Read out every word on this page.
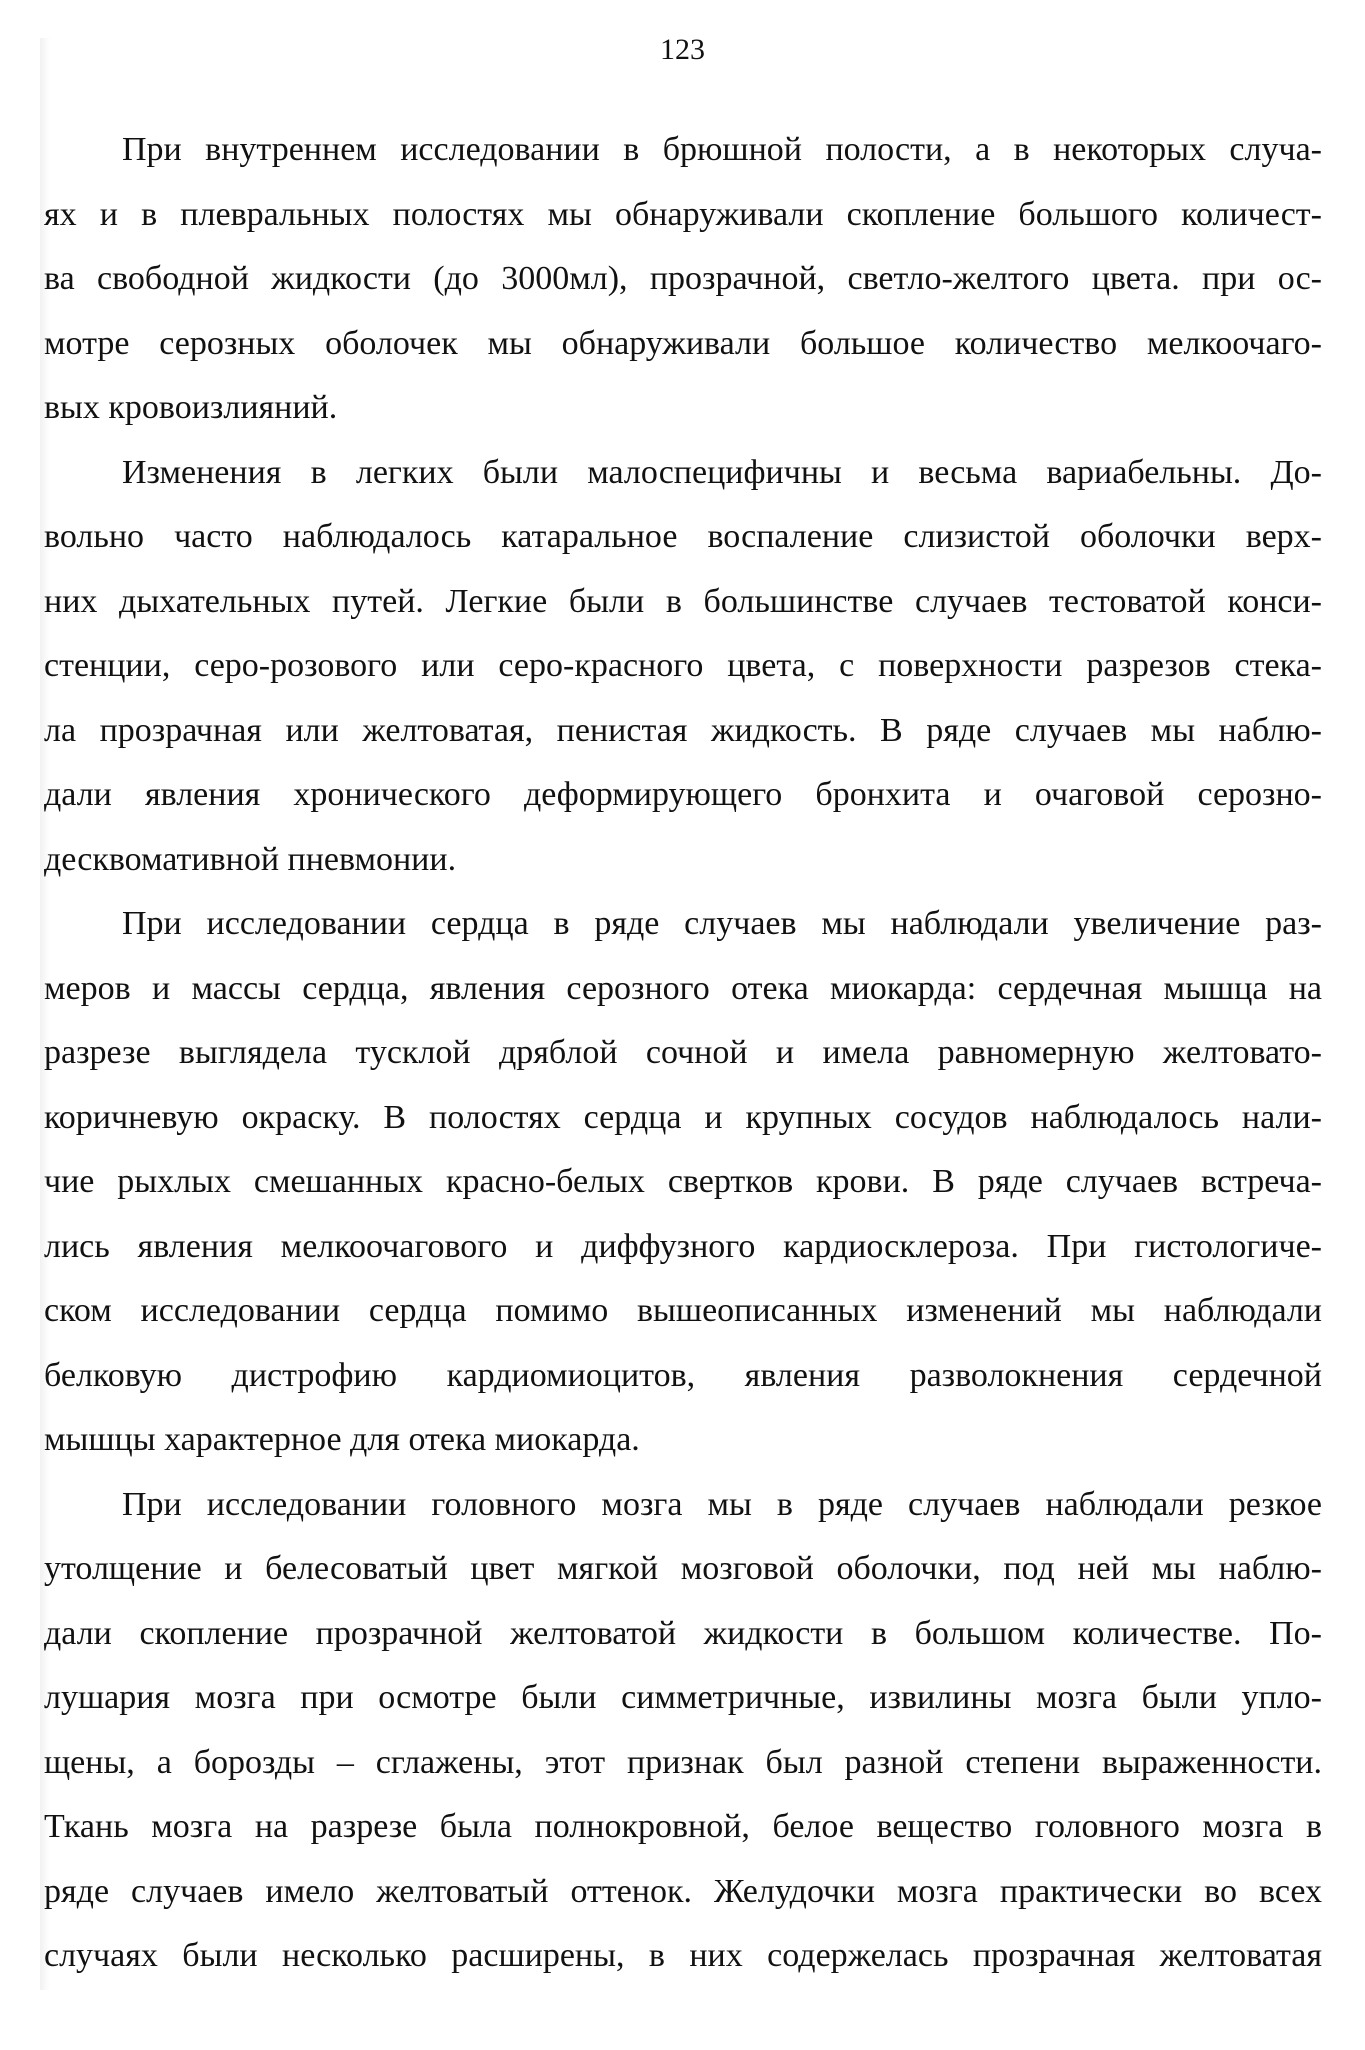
123

При внутреннем исследовании в брюшной полости, а в некоторых случа-
ях и в плевральных полостях мы обнаруживали скопление большого количест-
ва свободной жидкости (до 3000мл), прозрачной, светло-желтого цвета. при ос-
мотре серозных оболочек мы обнаруживали большое количество мелкоочаго-
вых кровоизлияний.

Изменения в легких были малоспецифичны и весьма вариабельны. До-
вольно часто наблюдалось катаральное воспаление слизистой оболочки верх-
них дыхательных путей. Легкие были в большинстве случаев тестоватой конси-
стенции, серо-розового или серо-красного цвета, с поверхности разрезов стека-
ла прозрачная или желтоватая, пенистая жидкость. В ряде случаев мы наблю-
дали явления хронического деформирующего бронхита и очаговой серозно-
десквомативной пневмонии.

При исследовании сердца в ряде случаев мы наблюдали увеличение раз-
меров и массы сердца, явления серозного отека миокарда: сердечная мышца на
разрезе выглядела тусклой дряблой сочной и имела равномерную желтовато-
коричневую окраску. В полостях сердца и крупных сосудов наблюдалось нали-
чие рыхлых смешанных красно-белых свертков крови. В ряде случаев встреча-
лись явления мелкоочагового и диффузного кардиосклероза. При гистологиче-
ском исследовании сердца помимо вышеописанных изменений мы наблюдали
белковую дистрофию кардиомиоцитов, явления разволокнения сердечной
мышцы характерное для отека миокарда.

При исследовании головного мозга мы в ряде случаев наблюдали резкое
утолщение и белесоватый цвет мягкой мозговой оболочки, под ней мы наблю-
дали скопление прозрачной желтоватой жидкости в большом количестве. По-
лушария мозга при осмотре были симметричные, извилины мозга были упло-
щены, а борозды – сглажены, этот признак был разной степени выраженности.
Ткань мозга на разрезе была полнокровной, белое вещество головного мозга в
ряде случаев имело желтоватый оттенок. Желудочки мозга практически во всех
случаях были несколько расширены, в них содержелась прозрачная желтоватая
